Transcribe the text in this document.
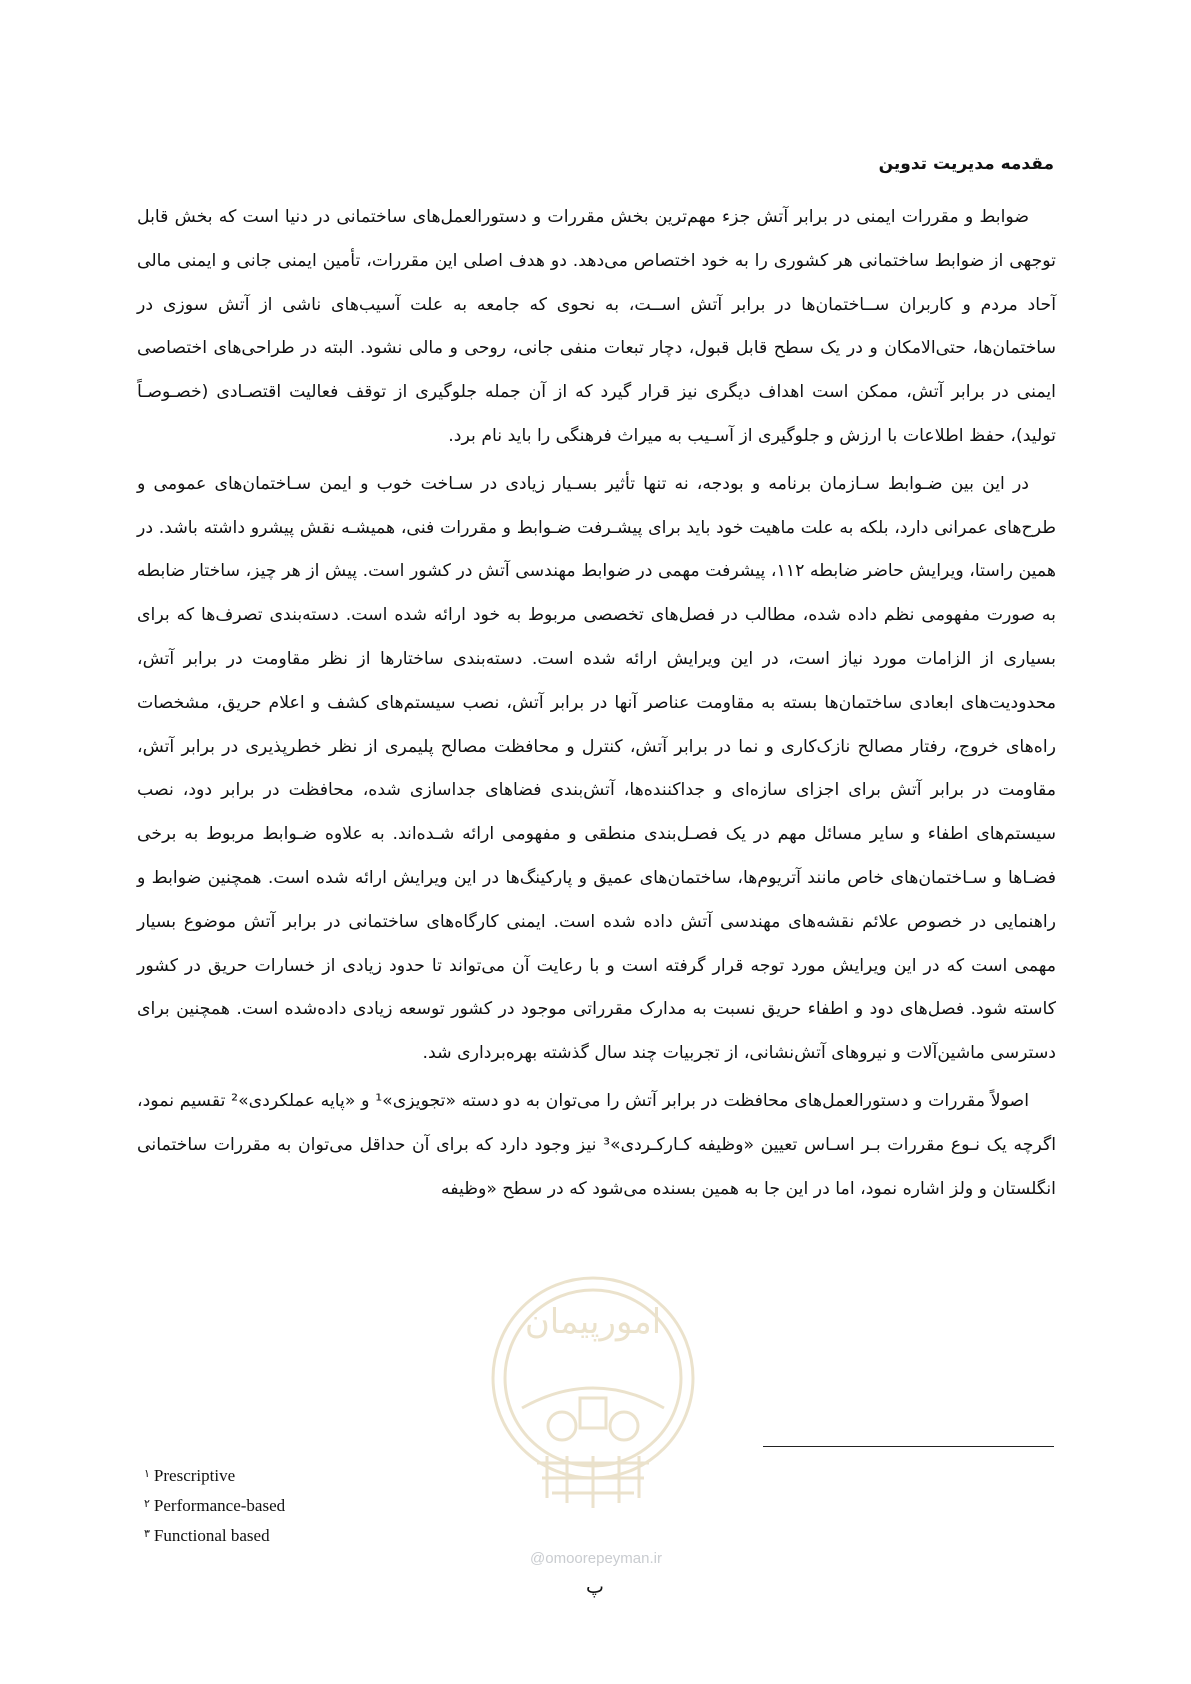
مقدمه مدیریت تدوین

ضوابط و مقررات ایمنی در برابر آتش جزء مهم‌ترین بخش مقررات و دستورالعمل‌های ساختمانی در دنیا است که بخش قابل توجهی از ضوابط ساختمانی هر کشوری را به خود اختصاص می‌دهد. دو هدف اصلی این مقررات، تأمین ایمنی جانی و ایمنی مالی آحاد مردم و کاربران ســاختمان‌ها در برابر آتش اســت، به نحوی که جامعه به علت آسیب‌های ناشی از آتش سوزی در ساختمان‌ها، حتی‌الامکان و در یک سطح قابل قبول، دچار تبعات منفی جانی، روحی و مالی نشود. البته در طراحی‌های اختصاصی ایمنی در برابر آتش، ممکن است اهداف دیگری نیز قرار گیرد که از آن جمله جلوگیری از توقف فعالیت اقتصـادی (خصـوصـاً تولید)، حفظ اطلاعات با ارزش و جلوگیری از آسـیب به میراث فرهنگی را باید نام برد.

در این بین ضـوابط سـازمان برنامه و بودجه، نه تنها تأثیر بسـیار زیادی در سـاخت خوب و ایمن سـاختمان‌های عمومی و طرح‌های عمرانی دارد، بلکه به علت ماهیت خود باید برای پیشـرفت ضـوابط و مقررات فنی، همیشـه نقش پیشرو داشته باشد. در همین راستا، ویرایش حاضر ضابطه ۱۱۲، پیشرفت مهمی در ضوابط مهندسی آتش در کشور است. پیش از هر چیز، ساختار ضابطه به صورت مفهومی نظم داده شده، مطالب در فصل‌های تخصصی مربوط به خود ارائه شده است. دسته‌بندی تصرف‌ها که برای بسیاری از الزامات مورد نیاز است، در این ویرایش ارائه شده است. دسته‌بندی ساختارها از نظر مقاومت در برابر آتش، محدودیت‌های ابعادی ساختمان‌ها بسته به مقاومت عناصر آنها در برابر آتش، نصب سیستم‌های کشف و اعلام حریق، مشخصات راه‌های خروج، رفتار مصالح نازک‌کاری و نما در برابر آتش، کنترل و محافظت مصالح پلیمری از نظر خطرپذیری در برابر آتش، مقاومت در برابر آتش برای اجزای سازه‌ای و جداکننده‌ها، آتش‌بندی فضاهای جداسازی شده، محافظت در برابر دود، نصب سیستم‌های اطفاء و سایر مسائل مهم در یک فصـل‌بندی منطقی و مفهومی ارائه شـده‌اند. به علاوه ضـوابط مربوط به برخی فضـاها و سـاختمان‌های خاص مانند آتریوم‌ها، ساختمان‌های عمیق و پارکینگ‌ها در این ویرایش ارائه شده است. همچنین ضوابط و راهنمایی در خصوص علائم نقشه‌های مهندسی آتش داده شده است. ایمنی کارگاه‌های ساختمانی در برابر آتش موضوع بسیار مهمی است که در این ویرایش مورد توجه قرار گرفته است و با رعایت آن می‌تواند تا حدود زیادی از خسارات حریق در کشور کاسته شود. فصل‌های دود و اطفاء حریق نسبت به مدارک مقرراتی موجود در کشور توسعه زیادی داده‌شده است. همچنین برای دسترسی ماشین‌آلات و نیروهای آتش‌نشانی، از تجربیات چند سال گذشته بهره‌برداری شد.

اصولاً مقررات و دستورالعمل‌های محافظت در برابر آتش را می‌توان به دو دسته «تجویزی»¹ و «پایه عملکردی»² تقسیم نمود، اگرچه یک نـوع مقررات بـر اسـاس تعیین «وظیفه کـارکـردی»³ نیز وجود دارد که برای آن حداقل می‌توان به مقررات ساختمانی انگلستان و ولز اشاره نمود، اما در این جا به همین بسنده می‌شود که در سطح «وظیفه

امورپیمان
@omoorepeyman.ir

$^١$ Prescriptive

$^٢$ Performance-based

$^٣$ Functional based

پ
